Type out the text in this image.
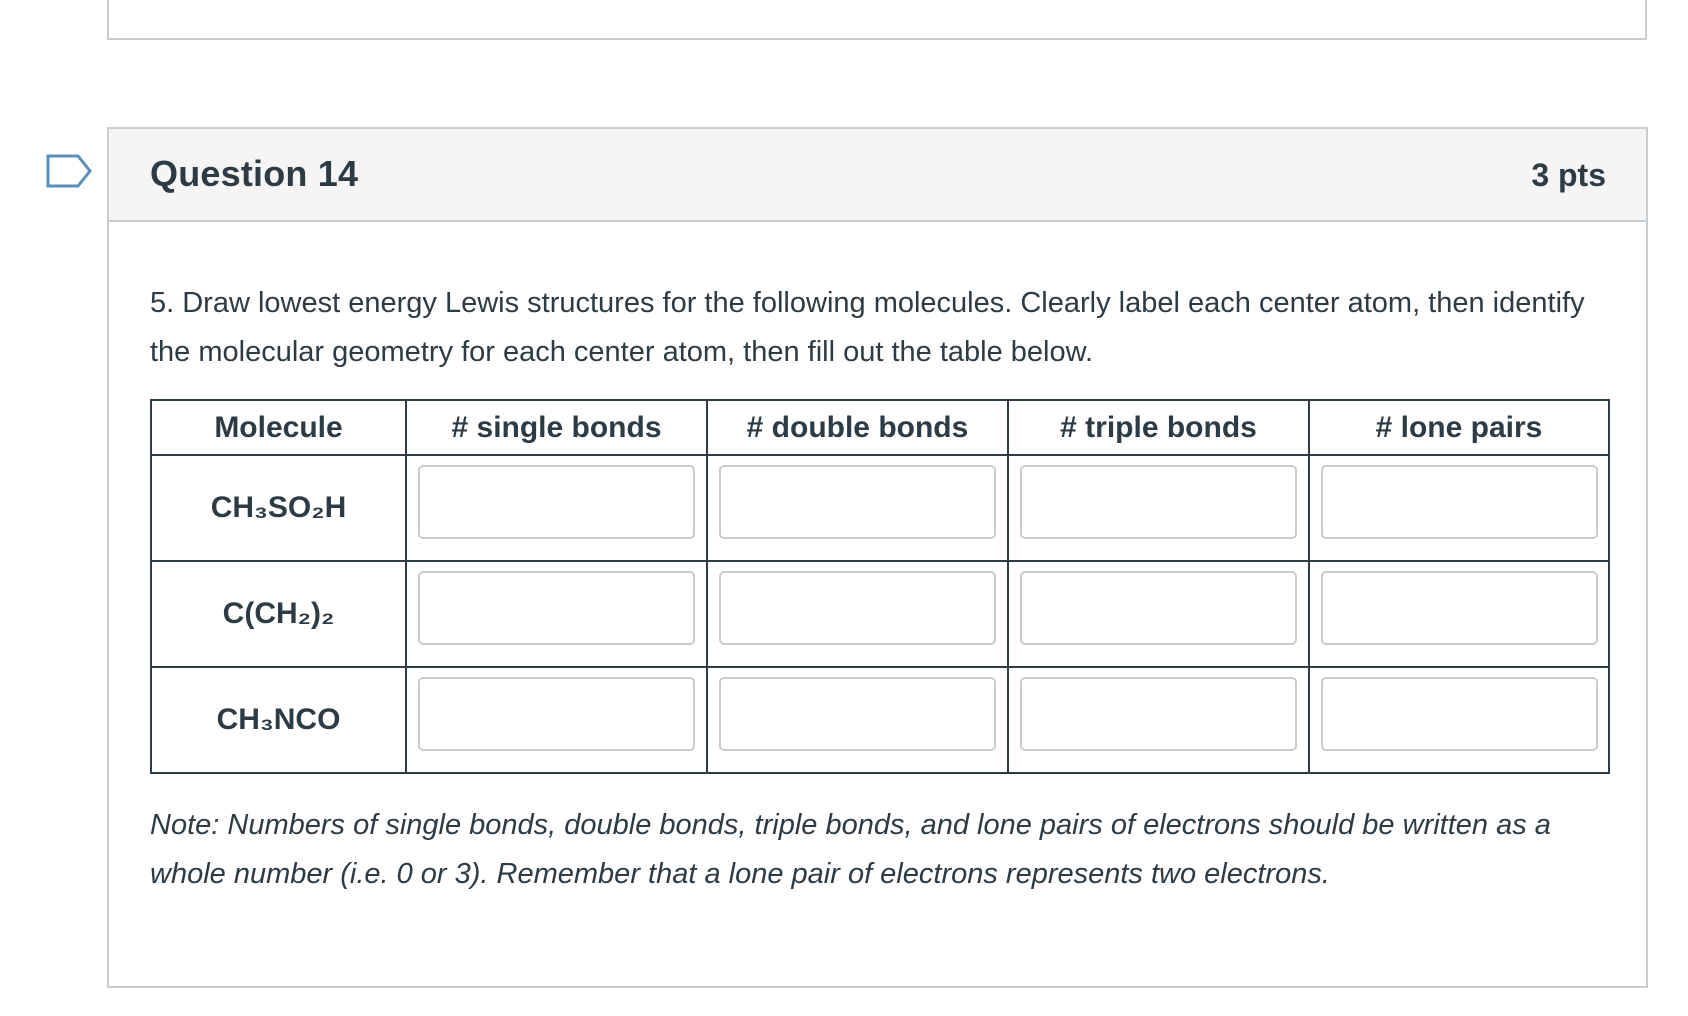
Question 14	3 pts

5. Draw lowest energy Lewis structures for the following molecules. Clearly label each center atom, then identify the molecular geometry for each center atom, then fill out the table below.

Molecule	# single bonds	# double bonds	# triple bonds	# lone pairs
CH₃SO₂H	

C(CH₂)₂	

CH₃NCO	

Note: Numbers of single bonds, double bonds, triple bonds, and lone pairs of electrons should be written as a whole number (i.e. 0 or 3). Remember that a lone pair of electrons represents two electrons.
